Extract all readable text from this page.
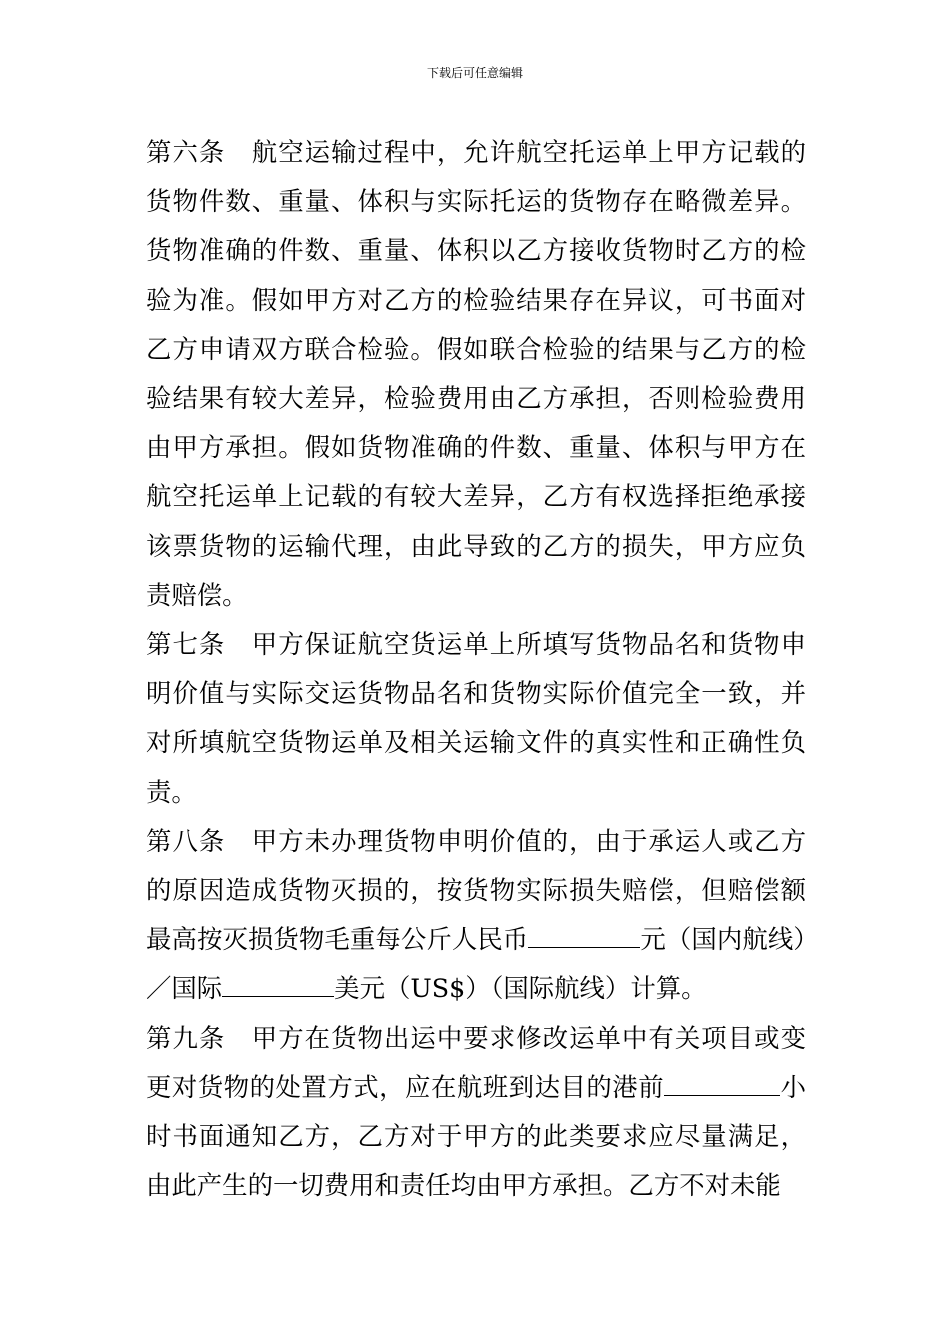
下载后可任意编辑

第六条　航空运输过程中，允许航空托运单上甲方记载的货物件数、重量、体积与实际托运的货物存在略微差异。货物准确的件数、重量、体积以乙方接收货物时乙方的检验为准。假如甲方对乙方的检验结果存在异议，可书面对乙方申请双方联合检验。假如联合检验的结果与乙方的检验结果有较大差异，检验费用由乙方承担，否则检验费用由甲方承担。假如货物准确的件数、重量、体积与甲方在航空托运单上记载的有较大差异，乙方有权选择拒绝承接该票货物的运输代理，由此导致的乙方的损失，甲方应负责赔偿。

第七条　甲方保证航空货运单上所填写货物品名和货物申明价值与实际交运货物品名和货物实际价值完全一致，并对所填航空货物运单及相关运输文件的真实性和正确性负责。

第八条　甲方未办理货物申明价值的，由于承运人或乙方的原因造成货物灭损的，按货物实际损失赔偿，但赔偿额最高按灭损货物毛重每公斤人民币	元（国内航线）／国际	美元（US$）（国际航线）计算。

第九条　甲方在货物出运中要求修改运单中有关项目或变更对货物的处置方式，应在航班到达目的港前	小时书面通知乙方，乙方对于甲方的此类要求应尽量满足，由此产生的一切费用和责任均由甲方承担。乙方不对未能
